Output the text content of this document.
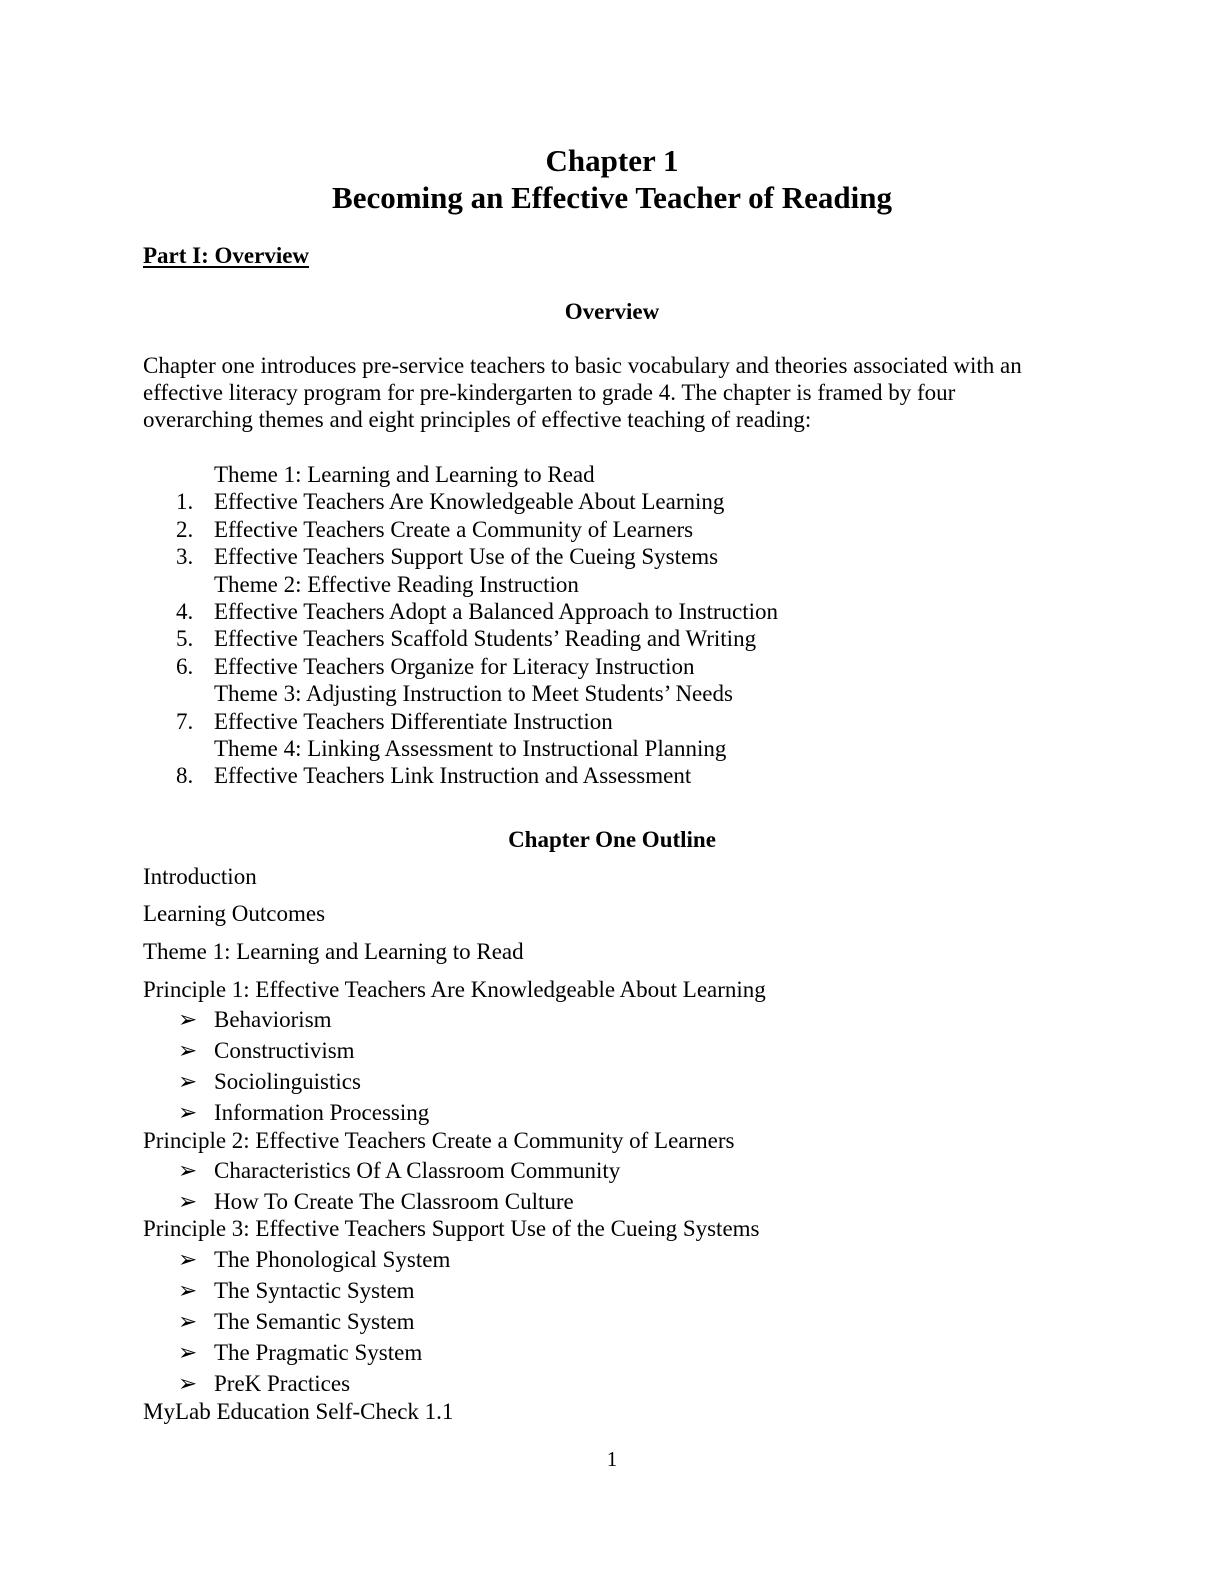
Chapter 1
Becoming an Effective Teacher of Reading
Part I: Overview
Overview
Chapter one introduces pre-service teachers to basic vocabulary and theories associated with an
effective literacy program for pre-kindergarten to grade 4. The chapter is framed by four
overarching themes and eight principles of effective teaching of reading:
Theme 1: Learning and Learning to Read
1. Effective Teachers Are Knowledgeable About Learning
2. Effective Teachers Create a Community of Learners
3. Effective Teachers Support Use of the Cueing Systems
Theme 2: Effective Reading Instruction
4. Effective Teachers Adopt a Balanced Approach to Instruction
5. Effective Teachers Scaffold Students’ Reading and Writing
6. Effective Teachers Organize for Literacy Instruction
Theme 3: Adjusting Instruction to Meet Students’ Needs
7. Effective Teachers Differentiate Instruction
Theme 4: Linking Assessment to Instructional Planning
8. Effective Teachers Link Instruction and Assessment
Chapter One Outline
Introduction
Learning Outcomes
Theme 1: Learning and Learning to Read
Principle 1: Effective Teachers Are Knowledgeable About Learning
➢ Behaviorism
➢ Constructivism
➢ Sociolinguistics
➢ Information Processing
Principle 2: Effective Teachers Create a Community of Learners
➢ Characteristics Of A Classroom Community
➢ How To Create The Classroom Culture
Principle 3: Effective Teachers Support Use of the Cueing Systems
➢ The Phonological System
➢ The Syntactic System
➢ The Semantic System
➢ The Pragmatic System
➢ PreK Practices
MyLab Education Self-Check 1.1
1
